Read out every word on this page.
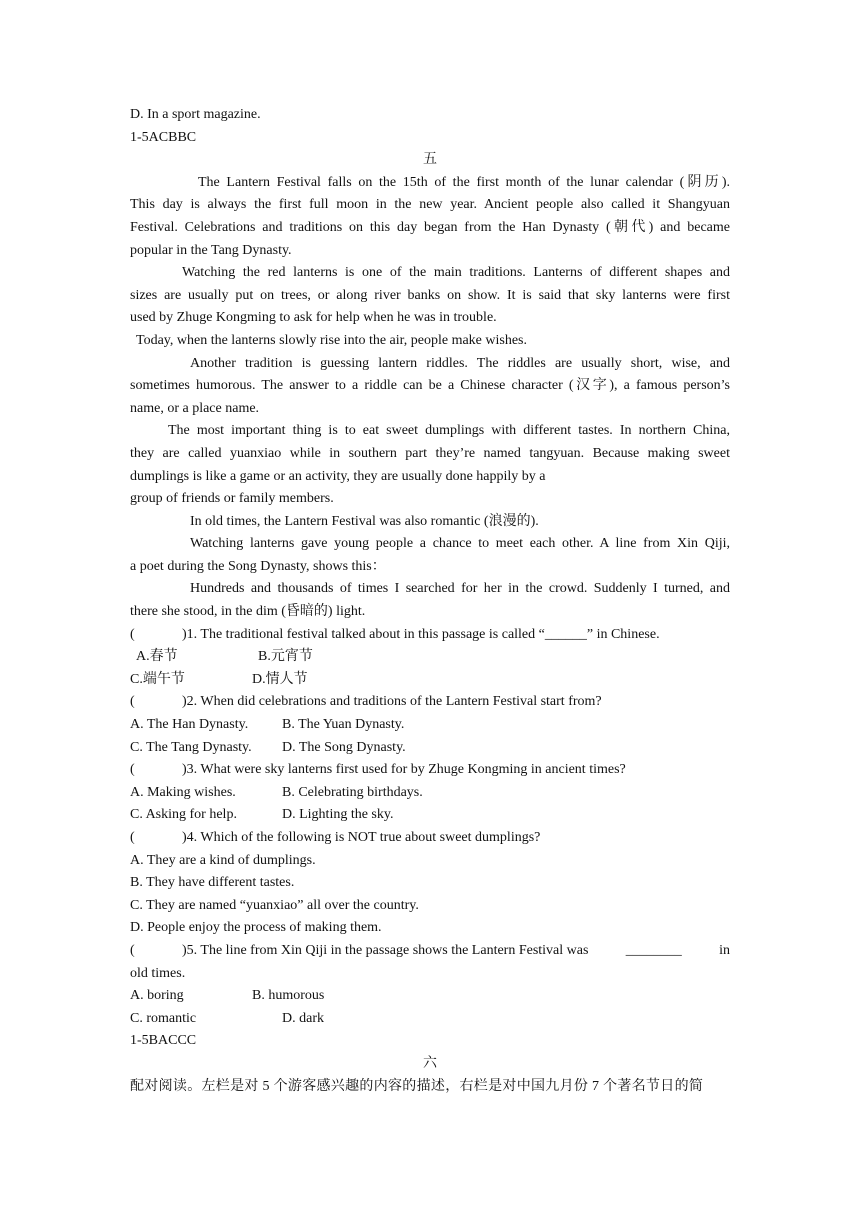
D. In a sport magazine.
1-5ACBBC
五
The Lantern Festival falls on the 15th of the first month of the lunar calendar (阴历).
This day is always the first full moon in the new year. Ancient people also called it Shangyuan
Festival. Celebrations and traditions on this day began from the Han Dynasty (朝代) and became
popular in the Tang Dynasty.
Watching the red lanterns is one of the main traditions. Lanterns of different shapes and
sizes are usually put on trees, or along river banks on show. It is said that sky lanterns were first
used by Zhuge Kongming to ask for help when he was in trouble.
Today, when the lanterns slowly rise into the air, people make wishes.
Another tradition is guessing lantern riddles. The riddles are usually short, wise, and
sometimes humorous. The answer to a riddle can be a Chinese character (汉字), a famous person’s
name, or a place name.
The most important thing is to eat sweet dumplings with different tastes. In northern China,
they are called yuanxiao while in southern part they’re named tangyuan. Because making sweet
dumplings is like a game or an activity, they are usually done happily by a
group of friends or family members.
In old times, the Lantern Festival was also romantic (浪漫的).
Watching lanterns gave young people a chance to meet each other. A line from Xin Qiji,
a poet during the Song Dynasty, shows this：
Hundreds and thousands of times I searched for her in the crowd. Suddenly I turned, and
there she stood, in the dim (昏暗的) light.
(	)1. The traditional festival talked about in this passage is called “______” in Chinese.
A.春节	B.元宵节
C.端午节	D.情人节
(	)2. When did celebrations and traditions of the Lantern Festival start from?
A. The Han Dynasty.	B. The Yuan Dynasty.
C. The Tang Dynasty.	D. The Song Dynasty.
(	)3. What were sky lanterns first used for by Zhuge Kongming in ancient times?
A. Making wishes.	B. Celebrating birthdays.
C. Asking for help.	D. Lighting the sky.
(	)4. Which of the following is NOT true about sweet dumplings?
A. They are a kind of dumplings.
B. They have different tastes.
C. They are named “yuanxiao” all over the country.
D. People enjoy the process of making them.
(	)5. The line from Xin Qiji in the passage shows the Lantern Festival was	________	in
old times.
A. boring	B. humorous
C. romantic	D. dark
1-5BACCC
六
配对阅读。左栏是对 5 个游客感兴趣的内容的描述，右栏是对中国九月份 7 个著名节日的简
